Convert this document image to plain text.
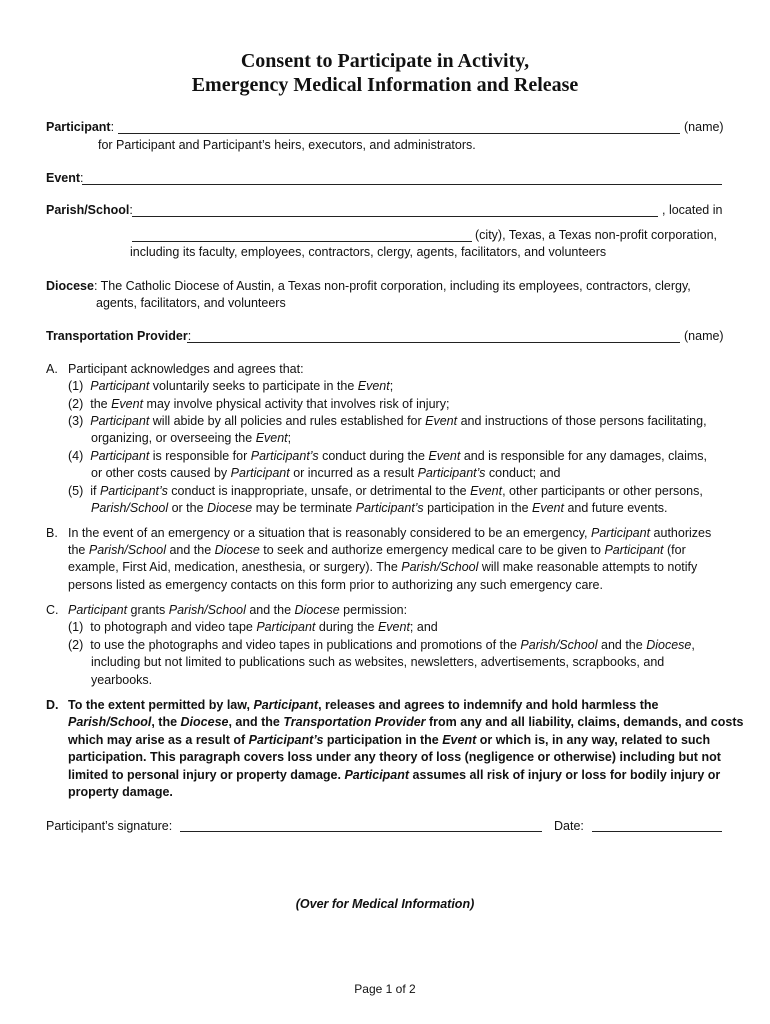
Consent to Participate in Activity,
Emergency Medical Information and Release
Participant:	(name)
for Participant and Participant’s heirs, executors, and administrators.
Event:
Parish/School:	, located in
(city), Texas, a Texas non-profit corporation,
including its faculty, employees, contractors, clergy, agents, facilitators, and volunteers
Diocese: The Catholic Diocese of Austin, a Texas non-profit corporation, including its employees, contractors, clergy,
agents, facilitators, and volunteers
Transportation Provider:	(name)
A. Participant acknowledges and agrees that:
(1) Participant voluntarily seeks to participate in the Event;
(2) the Event may involve physical activity that involves risk of injury;
(3) Participant will abide by all policies and rules established for Event and instructions of those persons facilitating,
organizing, or overseeing the Event;
(4) Participant is responsible for Participant’s conduct during the Event and is responsible for any damages, claims,
or other costs caused by Participant or incurred as a result Participant’s conduct; and
(5) if Participant’s conduct is inappropriate, unsafe, or detrimental to the Event, other participants or other persons,
Parish/School or the Diocese may be terminate Participant’s participation in the Event and future events.
B. In the event of an emergency or a situation that is reasonably considered to be an emergency, Participant authorizes
the Parish/School and the Diocese to seek and authorize emergency medical care to be given to Participant (for
example, First Aid, medication, anesthesia, or surgery). The Parish/School will make reasonable attempts to notify
persons listed as emergency contacts on this form prior to authorizing any such emergency care.
C. Participant grants Parish/School and the Diocese permission:
(1) to photograph and video tape Participant during the Event; and
(2) to use the photographs and video tapes in publications and promotions of the Parish/School and the Diocese,
including but not limited to publications such as websites, newsletters, advertisements, scrapbooks, and
yearbooks.
D. To the extent permitted by law, Participant, releases and agrees to indemnify and hold harmless the
Parish/School, the Diocese, and the Transportation Provider from any and all liability, claims, demands, and costs
which may arise as a result of Participant’s participation in the Event or which is, in any way, related to such
participation. This paragraph covers loss under any theory of loss (negligence or otherwise) including but not
limited to personal injury or property damage. Participant assumes all risk of injury or loss for bodily injury or
property damage.
Participant’s signature:	Date:
(Over for Medical Information)
Page 1 of 2
